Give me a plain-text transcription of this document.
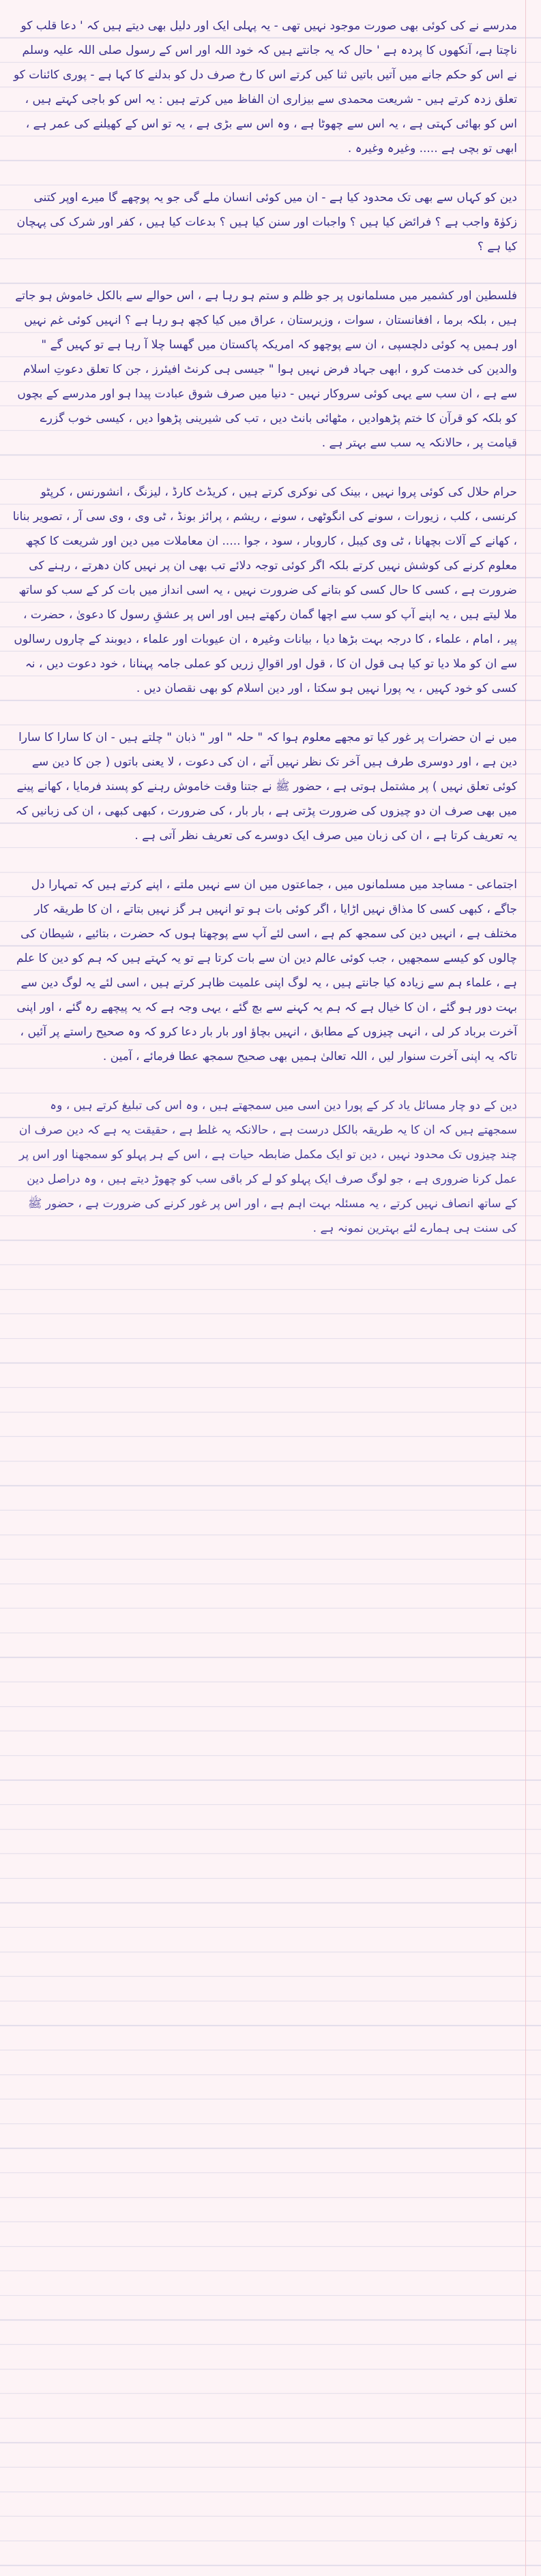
مدرسے نے کی کوئی بھی صورت موجود نہیں تھی - یہ پہلی ایک اور دلیل بھی دیتے ہیں کہ ' دعا قلب کو ناچتا ہے، آنکھوں کا پردہ ہے ' حال کہ یہ جانتے ہیں کہ خود اللہ اور اس کے رسول صلی اللہ علیہ وسلم نے اس کو حکم جانے میں آتیں باتیں ثنا کیں کرتے اس کا رخ صرف دل کو بدلنے کا کہا ہے - پوری کائنات کو تعلق زدہ کرتے ہیں - شریعت محمدی سے بیزاری ان الفاظ میں کرتے ہیں : یہ اس کو باجی کہتے ہیں ، اس کو بھائی کہتی ہے ، یہ اس سے چھوٹا ہے ، وہ اس سے بڑی ہے ، یہ تو اس کے کھیلنے کی عمر ہے ، ابھی تو بچی ہے ..... وغیرہ وغیرہ .

دین کو کہاں سے بھی تک محدود کیا ہے - ان میں کوئی انسان ملے گی جو یہ پوچھے گا میرے اوپر کتنی زکوٰۃ واجب ہے ؟ فرائض کیا ہیں ؟ واجبات اور سنن کیا ہیں ؟ بدعات کیا ہیں ، کفر اور شرک کی پہچان کیا ہے ؟

فلسطین اور کشمیر میں مسلمانوں پر جو ظلم و ستم ہو رہا ہے ، اس حوالے سے بالکل خاموش ہو جاتے ہیں ، بلکہ برما ، افغانستان ، سوات ، وزیرستان ، عراق میں کیا کچھ ہو رہا ہے ؟ انہیں کوئی غم نہیں اور ہمیں پہ کوئی دلچسپی ، ان سے پوچھو کہ امریکہ پاکستان میں گھسا چلا آ رہا ہے تو کہیں گے " والدین کی خدمت کرو ، ابھی جہاد فرض نہیں ہوا " جیسی ہی کرنٹ افیئرز ، جن کا تعلق دعوتِ اسلام سے ہے ، ان سب سے یہی کوئی سروکار نہیں - دنیا میں صرف شوق عبادت پیدا ہو اور مدرسے کے بچوں کو بلکہ کو قرآن کا ختم پڑھوادیں ، مٹھائی بانٹ دیں ، تب کی شیرینی پڑھوا دیں ، کیسی خوب گزرے قیامت پر ، حالانکہ یہ سب سے بہتر ہے .

حرام حلال کی کوئی پروا نہیں ، بینک کی نوکری کرتے ہیں ، کریڈٹ کارڈ ، لیزنگ ، انشورنس ، کرپٹو کرنسی ، کلب ، زیورات ، سونے کی انگوٹھی ، سونے ، ریشم ، پرائز بونڈ ، ٹی وی ، وی سی آر ، تصویر بنانا ، کھانے کے آلات بچھانا ، ٹی وی کیبل ، کاروبار ، سود ، جوا ..... ان معاملات میں دین اور شریعت کا کچھ معلوم کرنے کی کوشش نہیں کرتے بلکہ اگر کوئی توجہ دلائے تب بھی ان پر نہیں کان دھرتے ، رہنے کی ضرورت ہے ، کسی کا حال کسی کو بتانے کی ضرورت نہیں ، یہ اسی انداز میں بات کر کے سب کو ساتھ ملا لیتے ہیں ، یہ اپنے آپ کو سب سے اچھا گمان رکھتے ہیں اور اس پر عشقِ رسول کا دعویٰ ، حضرت ، پیر ، امام ، علماء ، کا درجہ بہت بڑھا دیا ، بیانات وغیرہ ، ان عیوبات اور علماء ، دیوبند کے چاروں رسالوں سے ان کو ملا دیا تو کیا ہی قول ان کا ، قول اور اقوالِ زریں کو عملی جامہ پہنانا ، خود دعوت دیں ، نہ کسی کو خود کہیں ، یہ پورا نہیں ہو سکتا ، اور دین اسلام کو بھی نقصان دیں .

میں نے ان حضرات پر غور کیا تو مجھے معلوم ہوا کہ " حلہ " اور " ذبان " چلتے ہیں - ان کا سارا کا سارا دین ہے ، اور دوسری طرف ہیں آخر تک نظر نہیں آتے ، ان کی دعوت ، لا یعنی باتوں ( جن کا دین سے کوئی تعلق نہیں ) پر مشتمل ہوتی ہے ، حضور ﷺ نے جتنا وقت خاموش رہنے کو پسند فرمایا ، کھانے پینے میں بھی صرف ان دو چیزوں کی ضرورت پڑتی ہے ، بار بار ، کی ضرورت ، کبھی کبھی ، ان کی زبانیں کہ یہ تعریف کرتا ہے ، ان کی زبان میں صرف ایک دوسرے کی تعریف نظر آتی ہے .

اجتماعی - مساجد میں مسلمانوں میں ، جماعتوں میں ان سے نہیں ملتے ، اپنے کرتے ہیں کہ تمہارا دل جاگے ، کبھی کسی کا مذاق نہیں اڑایا ، اگر کوئی بات ہو تو انہیں ہر گز نہیں بتاتے ، ان کا طریقہ کار مختلف ہے ، انہیں دین کی سمجھ کم ہے ، اسی لئے آپ سے پوچھتا ہوں کہ حضرت ، بتائیے ، شیطان کی چالوں کو کیسے سمجھیں ، جب کوئی عالم دین ان سے بات کرتا ہے تو یہ کہتے ہیں کہ ہم کو دین کا علم ہے ، علماء ہم سے زیادہ کیا جانتے ہیں ، یہ لوگ اپنی علمیت ظاہر کرتے ہیں ، اسی لئے یہ لوگ دین سے بہت دور ہو گئے ، ان کا خیال ہے کہ ہم یہ کہنے سے بچ گئے ، یہی وجہ ہے کہ یہ پیچھے رہ گئے ، اور اپنی آخرت برباد کر لی ، انہی چیزوں کے مطابق ، انہیں بچاؤ اور بار بار دعا کرو کہ وہ صحیح راستے پر آئیں ، تاکہ یہ اپنی آخرت سنوار لیں ، اللہ تعالیٰ ہمیں بھی صحیح سمجھ عطا فرمائے ، آمین .

دین کے دو چار مسائل یاد کر کے پورا دین اسی میں سمجھتے ہیں ، وہ اس کی تبلیغ کرتے ہیں ، وہ سمجھتے ہیں کہ ان کا یہ طریقہ بالکل درست ہے ، حالانکہ یہ غلط ہے ، حقیقت یہ ہے کہ دین صرف ان چند چیزوں تک محدود نہیں ، دین تو ایک مکمل ضابطہ حیات ہے ، اس کے ہر پہلو کو سمجھنا اور اس پر عمل کرنا ضروری ہے ، جو لوگ صرف ایک پہلو کو لے کر باقی سب کو چھوڑ دیتے ہیں ، وہ دراصل دین کے ساتھ انصاف نہیں کرتے ، یہ مسئلہ بہت اہم ہے ، اور اس پر غور کرنے کی ضرورت ہے ، حضور ﷺ کی سنت ہی ہمارے لئے بہترین نمونہ ہے .
